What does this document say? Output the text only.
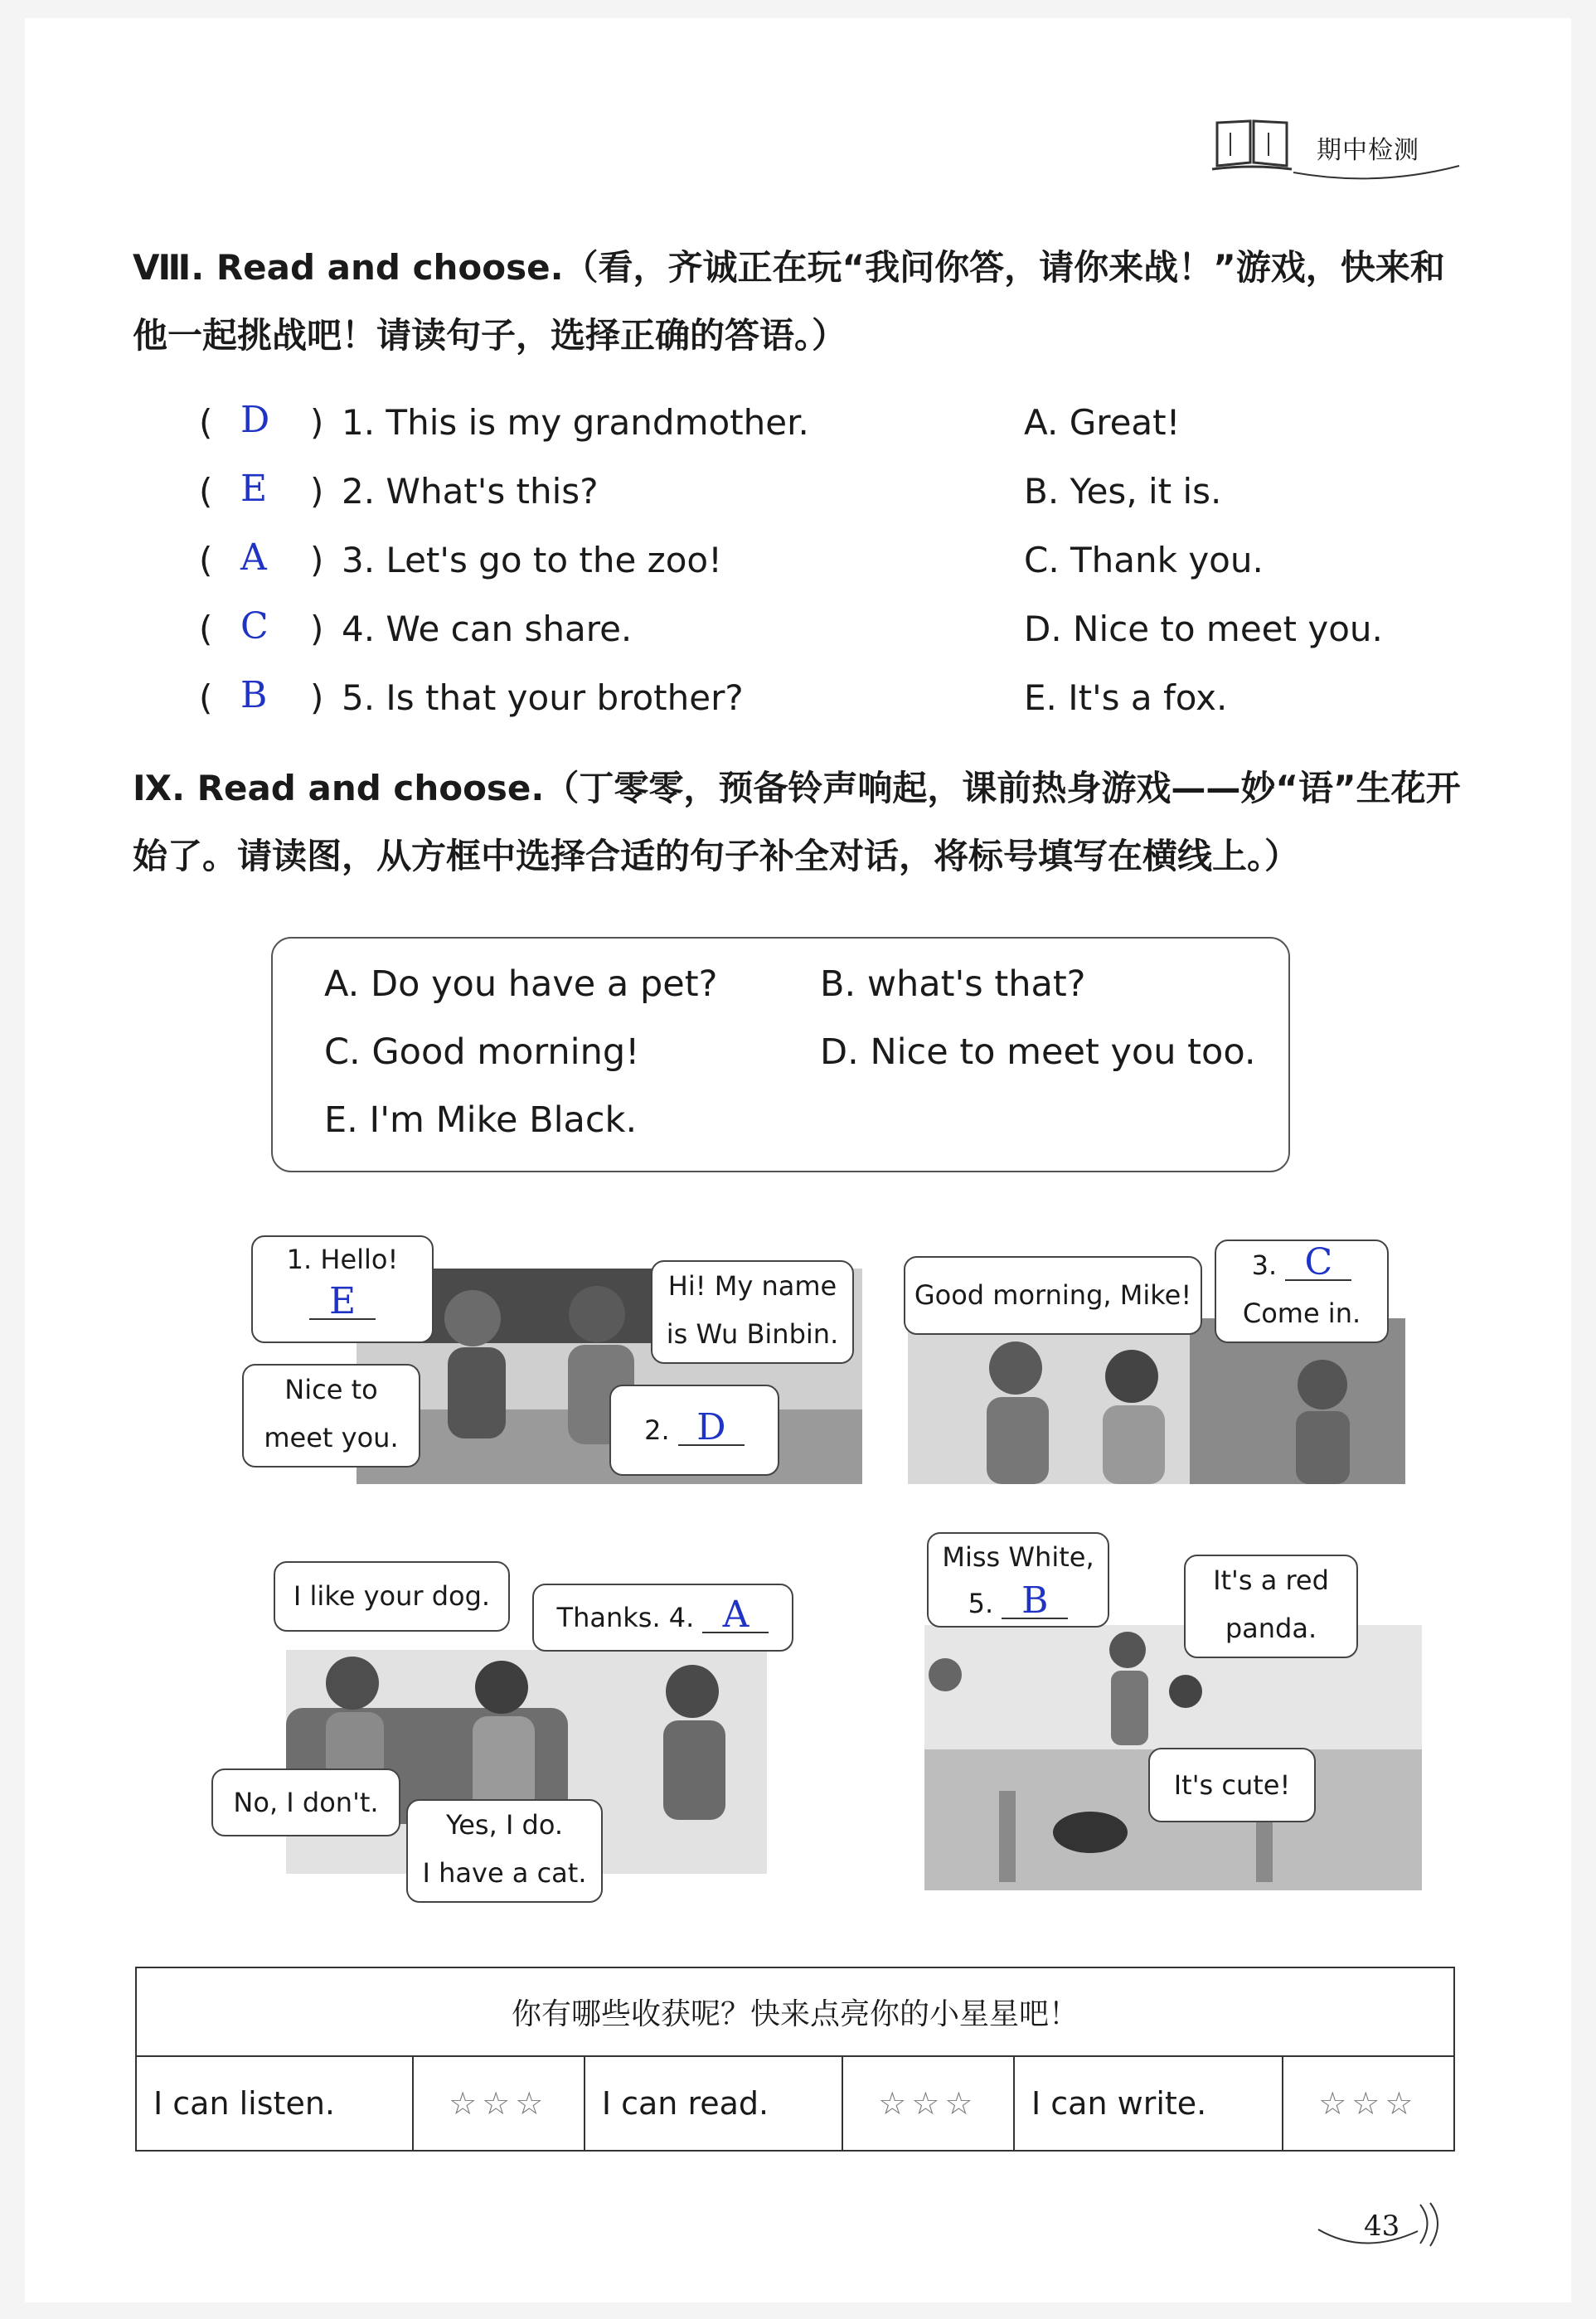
期中检测
Ⅷ. Read and choose.（看，齐诚正在玩“我问你答，请你来战！”游戏，快来和他一起挑战吧！请读句子，选择正确的答语。）
( D ) 1. This is my grandmother.	A. Great!
( E ) 2. What's this?	B. Yes, it is.
( A ) 3. Let's go to the zoo!	C. Thank you.
( C ) 4. We can share.	D. Nice to meet you.
( B ) 5. Is that your brother?	E. It's a fox.
Ⅸ. Read and choose.（丁零零，预备铃声响起，课前热身游戏——妙“语”生花开始了。请读图，从方框中选择合适的句子补全对话，将标号填写在横线上。）
A. Do you have a pet?	B. what's that?
C. Good morning!	D. Nice to meet you too.
E. I'm Mike Black.
1. Hello!
E	Hi! My name
is Wu Binbin.
Nice to
meet you.	2. D
Good morning, Mike!
3. C
Come in.
I like your dog.
Thanks. 4. A
No, I don't.
Yes, I do.
I have a cat.
Miss White,
5. B	It's a red
panda.
It's cute!
你有哪些收获呢？快来点亮你的小星星吧！
I can listen.	☆☆☆	I can read.	☆☆☆	I can write.	☆☆☆
43
